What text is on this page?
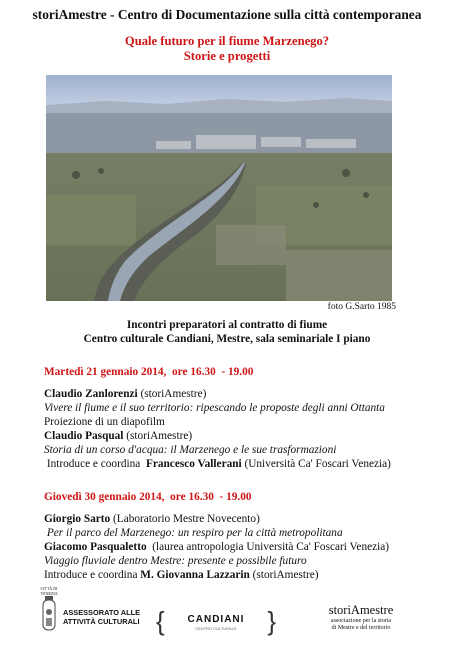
storiAmestre - Centro di Documentazione sulla città contemporanea
Quale futuro per il fiume Marzenego?
Storie e progetti
foto G.Sarto 1985
Incontri preparatori al contratto di fiume
Centro culturale Candiani, Mestre, sala seminariale I piano
Martedì 21 gennaio 2014,  ore 16.30  - 19.00
Claudio Zanlorenzi (storiAmestre)
Vivere il fiume e il suo territorio: ripescando le proposte degli anni Ottanta
Proiezione di un diapofilm
Claudio Pasqual (storiAmestre)
Storia di un corso d'acqua: il Marzenego e le sue trasformazioni
Introduce e coordina  Francesco Vallerani (Università Ca' Foscari Venezia)
Giovedì 30 gennaio 2014,  ore 16.30  - 19.00
Giorgio Sarto (Laboratorio Mestre Novecento)
Per il parco del Marzenego: un respiro per la città metropolitana
Giacomo Pasqualetto  (laurea antropologia Università Ca' Foscari Venezia)
Viaggio fluviale dentro Mestre: presente e possibile futuro
Introduce e coordina M. Giovanna Lazzarin (storiAmestre)
CITTÀ DI VENEZIA
ASSESSORATO ALLE
ATTIVITÀ CULTURALI {	CANDIANI
CENTRO CULTURALE	}	storiAmestre
associazione per la storia
di Mestre e del territorio
